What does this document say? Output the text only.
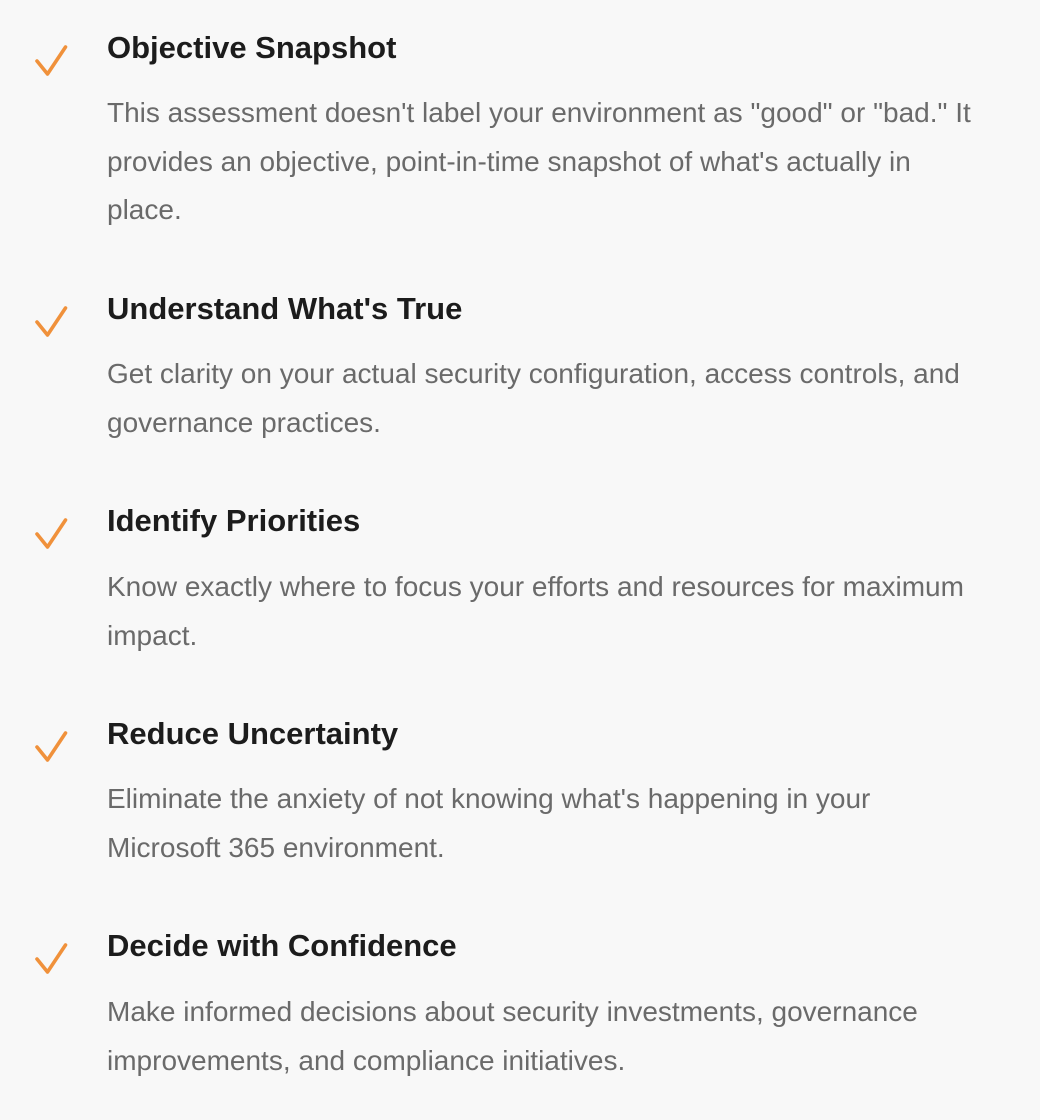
Objective Snapshot

This assessment doesn't label your environment as "good" or "bad." It provides an objective, point-in-time snapshot of what's actually in place.

Understand What's True

Get clarity on your actual security configuration, access controls, and governance practices.

Identify Priorities

Know exactly where to focus your efforts and resources for maximum impact.

Reduce Uncertainty

Eliminate the anxiety of not knowing what's happening in your Microsoft 365 environment.

Decide with Confidence

Make informed decisions about security investments, governance improvements, and compliance initiatives.
